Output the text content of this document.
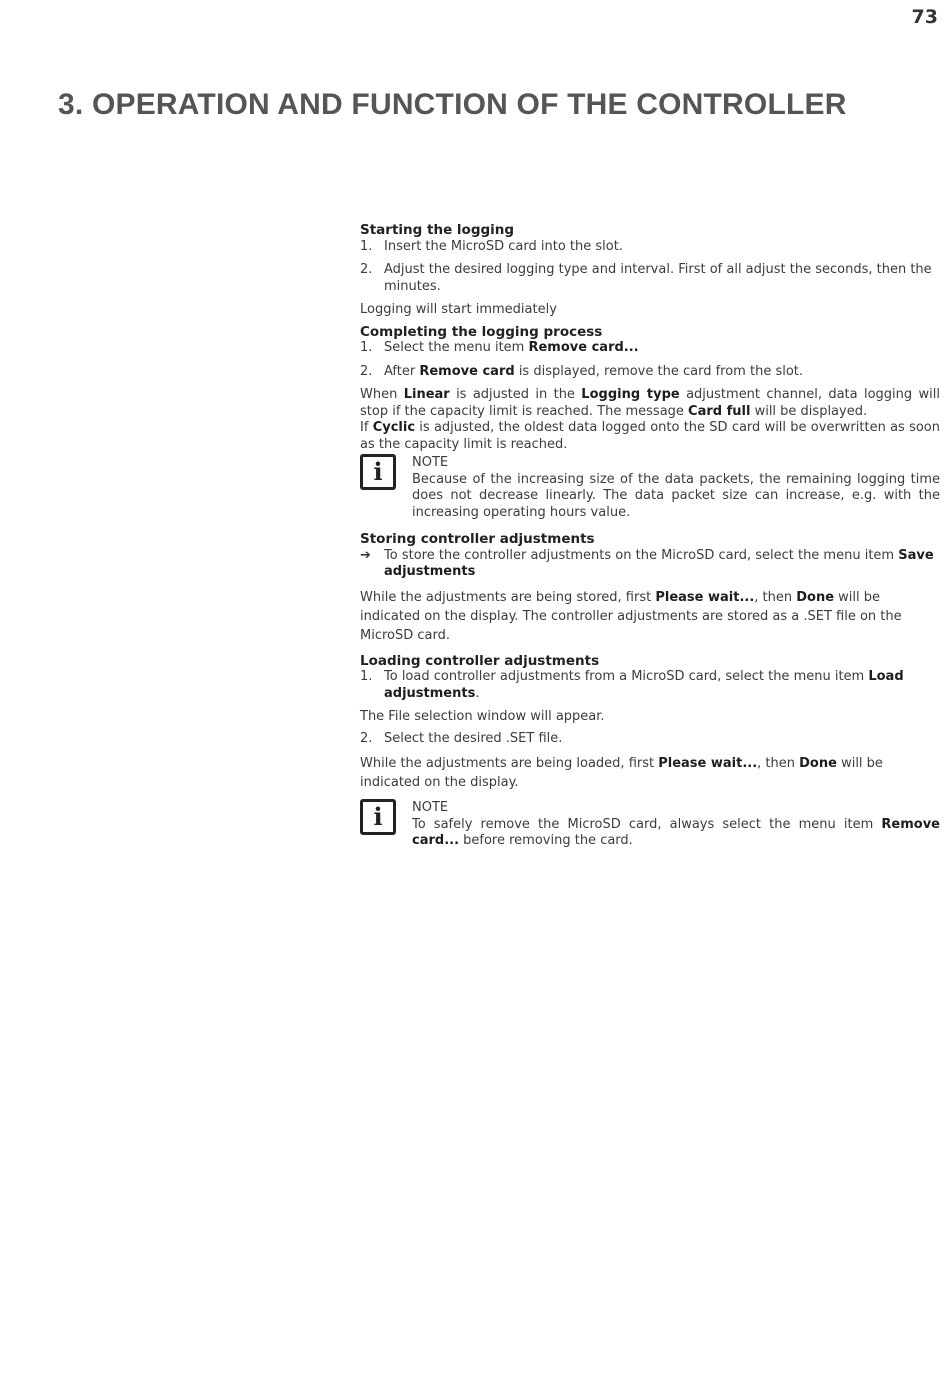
73
3. OPERATION AND FUNCTION OF THE CONTROLLER

Starting the logging

1. Insert the MicroSD card into the slot.
2. Adjust the desired logging type and interval. First of all adjust the seconds, then the minutes.

Logging will start immediately

Completing the logging process

1. Select the menu item Remove card...
2. After Remove card is displayed, remove the card from the slot.

When Linear is adjusted in the Logging type adjustment channel, data logging will stop if the capacity limit is reached. The message Card full will be displayed.

If Cyclic is adjusted, the oldest data logged onto the SD card will be overwritten as soon as the capacity limit is reached.

i	NOTE
Because of the increasing size of the data packets, the remaining logging time does not decrease linearly. The data packet size can increase, e.g. with the increasing operating hours value.

Storing controller adjustments

➔	To store the controller adjustments on the MicroSD card, select the menu item Save adjustments

While the adjustments are being stored, first Please wait..., then Done will be indicated on the display. The controller adjustments are stored as a .SET file on the MicroSD card.

Loading controller adjustments

1. To load controller adjustments from a MicroSD card, select the menu item Load adjustments.

The File selection window will appear.

2. Select the desired .SET file.

While the adjustments are being loaded, first Please wait..., then Done will be indicated on the display.

i	NOTE
To safely remove the MicroSD card, always select the menu item Remove card... before removing the card.
